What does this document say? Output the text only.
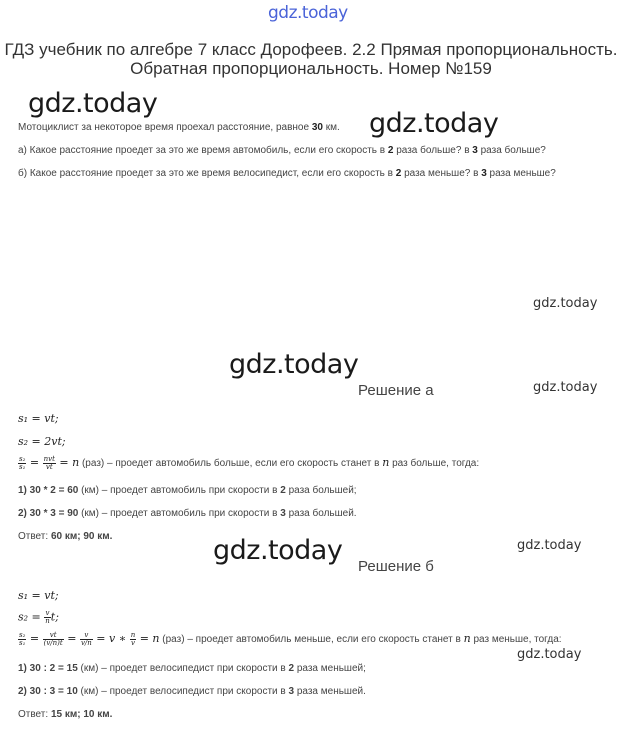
gdz.today
ГДЗ учебник по алгебре 7 класс Дорофеев. 2.2 Прямая пропорциональность. Обратная пропорциональность. Номер №159
gdz.today
gdz.today
gdz.today
gdz.today
gdz.today
gdz.today	gdz.today
gdz.today
Мотоциклист за некоторое время проехал расстояние, равное 30 км.
а) Какое расстояние проедет за это же время автомобиль, если его скорость в 2 раза больше? в 3 раза больше?
б) Какое расстояние проедет за это же время велосипедист, если его скорость в 2 раза меньше? в 3 раза меньше?
Решение а
s₁ = vt;
s₂ = 2vt;
$\frac{\text{s₂}}{\text{s₁}} = \frac{\text{nvt}}{vt} = n$ (раз) – проедет автомобиль больше, если его скорость станет в n раз больше, тогда:
1) 30 * 2 = 60 (км) – проедет автомобиль при скорости в 2 раза большей;
2) 30 * 3 = 90 (км) – проедет автомобиль при скорости в 3 раза большей.
Ответ: 60 км; 90 км.
Решение б
s₁ = vt;
$s_2 = \frac{v}{n} t$;
$\frac{\text{s₂}}{\text{s₁}} = \frac{vt}{(v/n)t} = \frac{v}{v/n} = v$ ∗ $\frac{n}{v} = n$ (раз) – проедет автомобиль меньше, если его скорость станет в n раз меньше, тогда:
1) 30 : 2 = 15 (км) – проедет велосипедист при скорости в 2 раза меньшей;
2) 30 : 3 = 10 (км) – проедет велосипедист при скорости в 3 раза меньшей.
Ответ: 15 км; 10 км.
